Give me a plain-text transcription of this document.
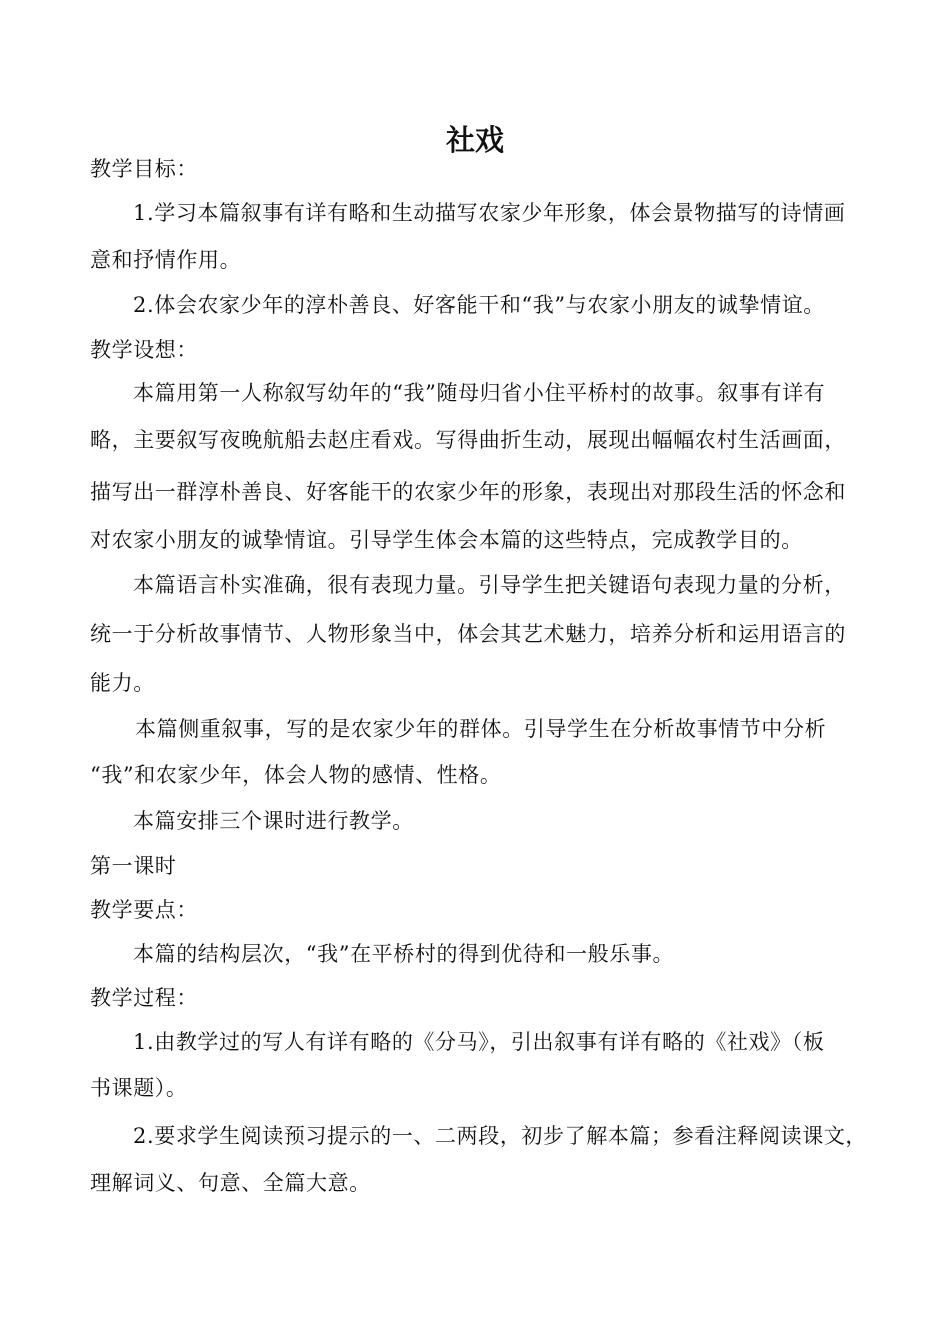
社戏
教学目标：
1.学习本篇叙事有详有略和生动描写农家少年形象，体会景物描写的诗情画
意和抒情作用。
2.体会农家少年的淳朴善良、好客能干和“我”与农家小朋友的诚挚情谊。
教学设想：
本篇用第一人称叙写幼年的“我”随母归省小住平桥村的故事。叙事有详有
略，主要叙写夜晚航船去赵庄看戏。写得曲折生动，展现出幅幅农村生活画面，
描写出一群淳朴善良、好客能干的农家少年的形象，表现出对那段生活的怀念和
对农家小朋友的诚挚情谊。引导学生体会本篇的这些特点，完成教学目的。
本篇语言朴实准确，很有表现力量。引导学生把关键语句表现力量的分析，
统一于分析故事情节、人物形象当中，体会其艺术魅力，培养分析和运用语言的
能力。
本篇侧重叙事，写的是农家少年的群体。引导学生在分析故事情节中分析
“我”和农家少年，体会人物的感情、性格。
本篇安排三个课时进行教学。
第一课时
教学要点：
本篇的结构层次，“我”在平桥村的得到优待和一般乐事。
教学过程：
1.由教学过的写人有详有略的《分马》，引出叙事有详有略的《社戏》（板
书课题）。
2.要求学生阅读预习提示的一、二两段，初步了解本篇；参看注释阅读课文，
理解词义、句意、全篇大意。
